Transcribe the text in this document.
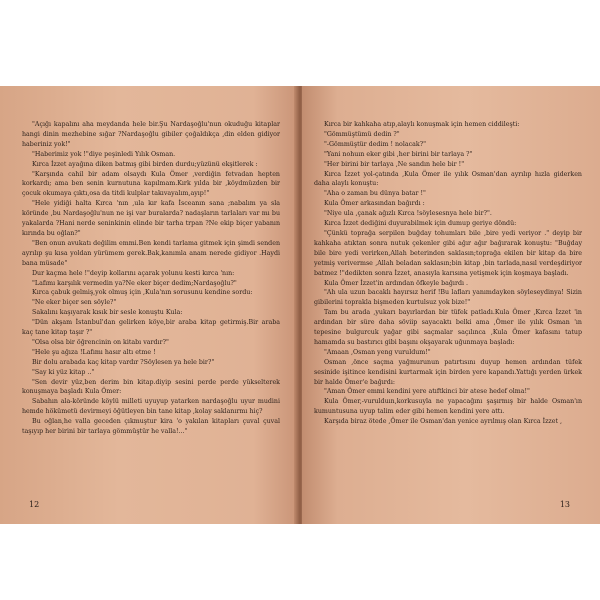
"Açığı kapalını aha meydanda hele bir.Şu Nardaşoğlu'nun okuduğu kitaplar hangi dinin mezhebine sığar ?Nardaşoğlu gibiler çoğaldıkça ,din elden gidiyor haberiniz yok!"

"Haberimiz yok !"diye peşinledi Yılık Osman.

Kırca İzzet ayağına diken batmış gibi birden durdu;yüzünü ekşitlerek :

"Karşında cahil bir adam olsaydı Kula Ömer ,verdiğin fetvadan hepten korkardı; ama ben senin kurnutuna kapılmam.Kırk yılda bir ,köydmüzden bir çocuk okumaya çıktı,osa da titdi kulplar takıvayalım,ayıp!"

"Hele yidiği halta Kırca 'nın ,ula kır kafa İsceanın sana ;nabalım ya sla köründe ,bu Nardaşoğlu'nun ne işi var buralarda? nadaşların tarlaları var mı bu yakalarda ?Hani nerde seninkinin elinde bir tarha trpan ?Ne ekip biçer yabanın kırında bu oğlan?"

"Ben onun avukatı değilim emmi.Ben kendi tarlama gitmek için şimdi senden ayrılıp şu kısa yoldan yürümem gerek.Bak,kanımla anam nerede gidiyor .Haydi bana müsade"

Dur kaçma hele !"deyip kollarını açarak yolunu kesti kırca 'nın:

"Lafımı karşılık vermedin ya?Ne eker biçer dedim;Nardaşoğlu?"

Kırca çabuk gelmiş,yok olmuş için ,Kula'nın sorusunu kendine sordu:

"Ne eker biçer sen söyle?"

Sakalını kaşıyarak kısık bir sesle konuştu Kula:

"Dün akşam İstanbul'dan gelirken köye,bir araba kitap getirmiş.Bir araba kaç tane kitap taşır ?"

"Olsa olsa bir öğrencinin on kitabı vardır?"

"Hele şu ağıza !Lafımı hasır altı etme !

Bir dolu arabada kaç kitap vardır ?Söylesen ya hele bir?"

"Say ki yüz kitap .."

"Sen devir yüz,ben derim bin kitap.diyip sesini perde perde yükselterek konuşmaya başladı Kula Ömer:

Sabahın ala-köründe köylü milleti uyuyup yatarken nardaşoğlu uyur mudini hemde hökümetü devirmeyi öğütleyen bin tane kitap ,kolay saklanırmı hiç?

Bu oğlan,he valla geceden çıkmuştur kira 'o yakılan kitapları çuval çuval taşıyıp her birini bir tarlaya gömmüştür he valla!..."

12

Kırca bir kahkaha atıp,alaylı konuşmak için hemen ciddileşti:

"Gömmüştümü dedin ?"

"-Gömmüştür dedim ! nolacak?"

"Yani nohuın eker gibi ,her birini bir tarlaya ?"

"Her birini bir tarlaya ,Ne sandın hele bir !"

Kırca İzzet yol-çatında ,Kula Ömer ile yılık Osman'dan ayrılıp hızla giderken daha alaylı konuştu:

"Aha o zaman bu dünya batar !"

Kula Ömer arkasından bağırdı :

"Niye ula ,çanak ağızlı Kırca !söylesesnya hele bir?".

Kırca İzzet dediğini duyurabilmek için dumup geriye döndü:

"Çünkü toprağa serpilen buğday tohumları bile ,bire yedi veriyor ." deyip bir kahkaha atıktan sonra nutuk çekenler gibi ağır ağır bağırarak konuştu: "Buğday bile bire yedi verirken,Allah beterinden saklasın;toprağa ekilen bir kitap da bire yetmiş verivermse ,Allah beladan saklasın;bin kitap ,bin tarlada,nasıl verdeşdiriyor batmez !"dedikten sonra İzzet, anasıyla karısına yetişmek için koşmaya başladı.

Kula Ömer İzzet'in ardından öfkeyle bağırdı .

"Ah ula uzun bacaklı hayırsız herif !Bu lafları yanımdayken söyleseydinya! Sizin gibilerini toprakla bişmeden kurtulsuz yok bize!"

Tam bu arada ,yukarı bayırlardan bir tüfek patladı.Kula Ömer ,Kırca İzzet 'in ardından bir süre daha söviip sayacaktı belki ama ,Ömer ile yılık Osman 'ın tepesine bulgurcuk yağar gibi saçmalar saçılınca ,Kula Ömer kafasını tatup hamamda su bastırıcı gibi başını okşayarak uğunmaya başladı:

"Amaan ,Osman yeng vuruldum!"

Osman ,önce saçma yağmurunun patırtısını duyup hemen ardından tüfek sesinide işitince kendisini kurtarmak için birden yere kapandı.Yattığı yerden ürkek bir halde Ömer'e bağırdı:

"Aman Ömer emmi kendini yere atıftkinci bir atese hedef olma!"

Kula Ömer,-vurulduın,korkusuyla ne yapacağını şaşırmış bir halde Osman'ın kumuntusuna uyup talim eder gibi hemen kendini yere attı.

Karşıda biraz ötede ,Ömer ile Osman'dan yenice ayrılmış olan Kırca İzzet ,

13
